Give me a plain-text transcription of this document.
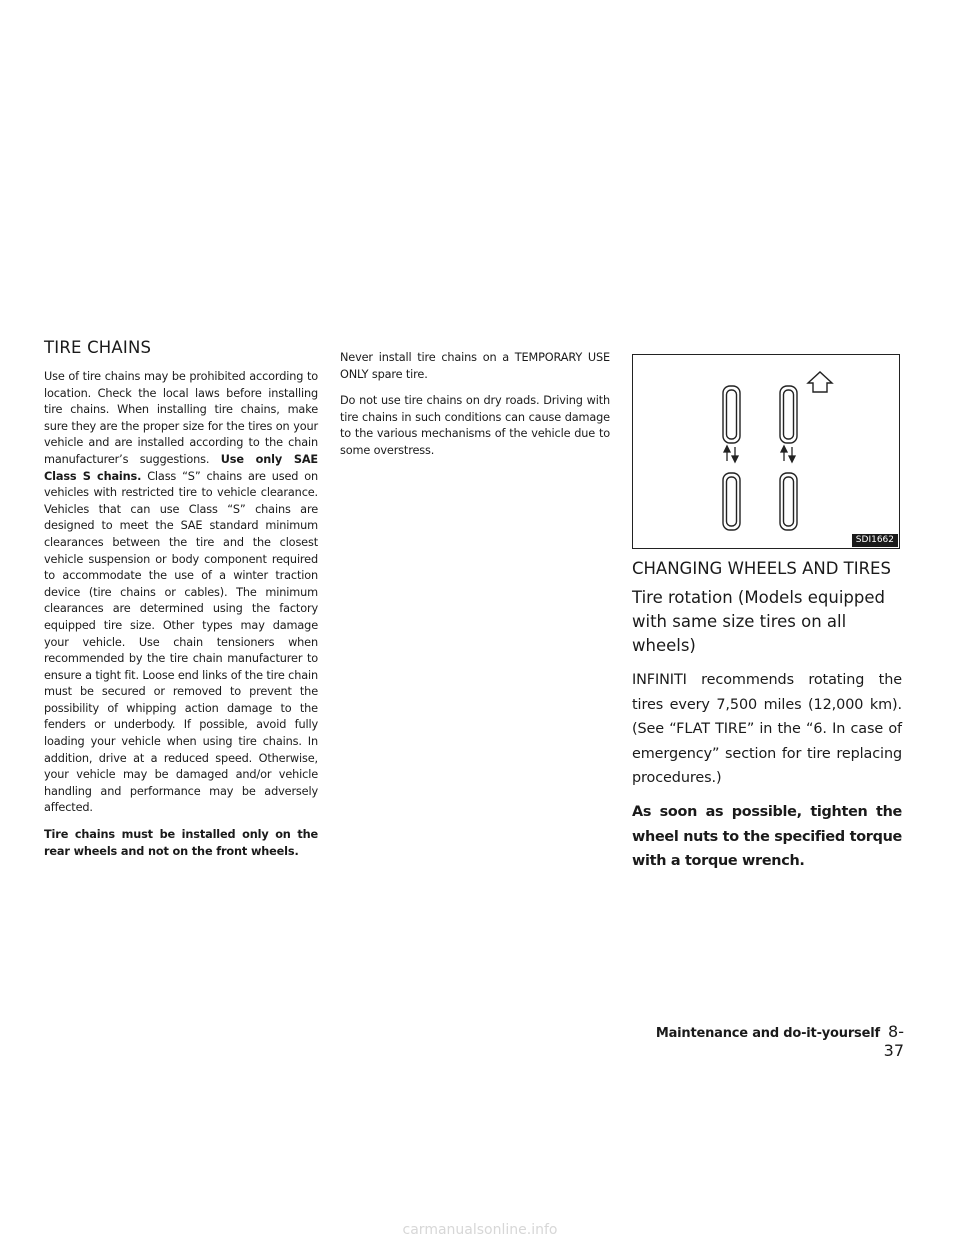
TIRE CHAINS

Use of tire chains may be prohibited according to location. Check the local laws before installing tire chains. When installing tire chains, make sure they are the proper size for the tires on your vehicle and are installed according to the chain manufacturer’s suggestions. Use only SAE Class S chains. Class “S” chains are used on vehicles with restricted tire to vehicle clearance. Vehicles that can use Class “S” chains are designed to meet the SAE standard minimum clearances between the tire and the closest vehicle suspension or body component required to accommodate the use of a winter traction device (tire chains or cables). The minimum clearances are determined using the factory equipped tire size. Other types may damage your vehicle. Use chain tensioners when recommended by the tire chain manufacturer to ensure a tight fit. Loose end links of the tire chain must be secured or removed to prevent the possibility of whipping action damage to the fenders or underbody. If possible, avoid fully loading your vehicle when using tire chains. In addition, drive at a reduced speed. Otherwise, your vehicle may be damaged and/or vehicle handling and performance may be adversely affected.

Tire chains must be installed only on the rear wheels and not on the front wheels.

Never install tire chains on a TEMPORARY USE ONLY spare tire.

Do not use tire chains on dry roads. Driving with tire chains in such conditions can cause damage to the various mechanisms of the vehicle due to some overstress.

SDI1662
CHANGING WHEELS AND TIRES
Tire rotation (Models equipped with same size tires on all wheels)

INFINITI recommends rotating the tires every 7,500 miles (12,000 km). (See “FLAT TIRE” in the “6. In case of emergency” section for tire replacing procedures.)

As soon as possible, tighten the wheel nuts to the specified torque with a torque wrench.

Maintenance and do-it-yourself 8-37
carmanualsonline.info
